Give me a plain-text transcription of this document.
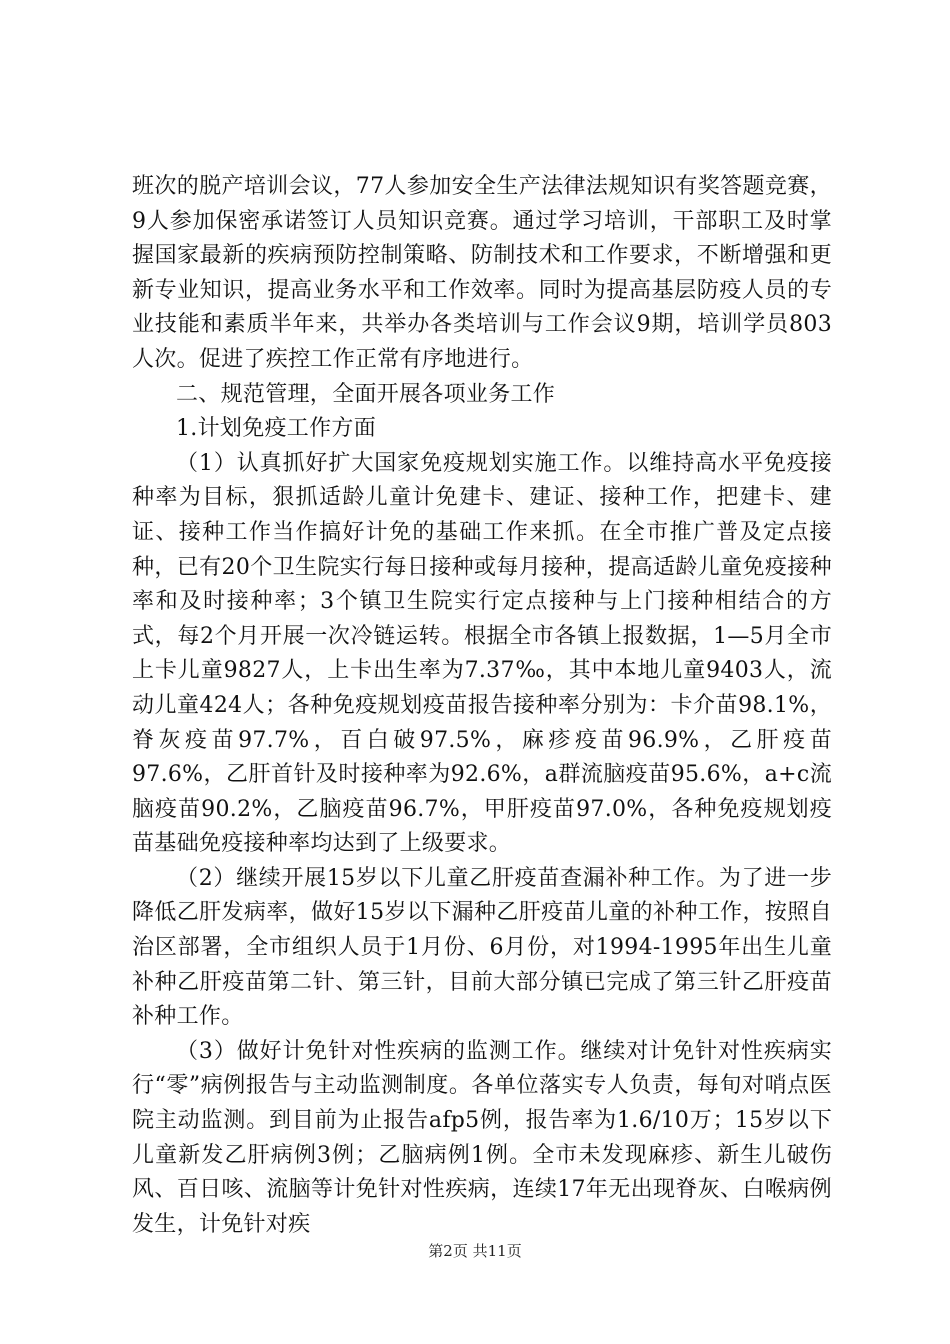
班次的脱产培训会议，77人参加安全生产法律法规知识有奖答题竞赛，9人参加保密承诺签订人员知识竞赛。通过学习培训，干部职工及时掌握国家最新的疾病预防控制策略、防制技术和工作要求，不断增强和更新专业知识，提高业务水平和工作效率。同时为提高基层防疫人员的专业技能和素质半年来，共举办各类培训与工作会议9期，培训学员803人次。促进了疾控工作正常有序地进行。

二、规范管理，全面开展各项业务工作

1.计划免疫工作方面

（1）认真抓好扩大国家免疫规划实施工作。以维持高水平免疫接种率为目标，狠抓适龄儿童计免建卡、建证、接种工作，把建卡、建证、接种工作当作搞好计免的基础工作来抓。在全市推广普及定点接种，已有20个卫生院实行每日接种或每月接种，提高适龄儿童免疫接种率和及时接种率；3个镇卫生院实行定点接种与上门接种相结合的方式，每2个月开展一次冷链运转。根据全市各镇上报数据，1—5月全市上卡儿童9827人，上卡出生率为7.37‰，其中本地儿童9403人，流动儿童424人；各种免疫规划疫苗报告接种率分别为：卡介苗98.1%，脊灰疫苗97.7%，百白破97.5%，麻疹疫苗96.9%，乙肝疫苗97.6%，乙肝首针及时接种率为92.6%，a群流脑疫苗95.6%，a+c流脑疫苗90.2%，乙脑疫苗96.7%，甲肝疫苗97.0%，各种免疫规划疫苗基础免疫接种率均达到了上级要求。

（2）继续开展15岁以下儿童乙肝疫苗查漏补种工作。为了进一步降低乙肝发病率，做好15岁以下漏种乙肝疫苗儿童的补种工作，按照自治区部署，全市组织人员于1月份、6月份，对1994-1995年出生儿童补种乙肝疫苗第二针、第三针，目前大部分镇已完成了第三针乙肝疫苗补种工作。

（3）做好计免针对性疾病的监测工作。继续对计免针对性疾病实行“零”病例报告与主动监测制度。各单位落实专人负责，每旬对哨点医院主动监测。到目前为止报告afp5例，报告率为1.6/10万；15岁以下儿童新发乙肝病例3例；乙脑病例1例。全市未发现麻疹、新生儿破伤风、百日咳、流脑等计免针对性疾病，连续17年无出现脊灰、白喉病例发生，计免针对疾

第2页 共11页
